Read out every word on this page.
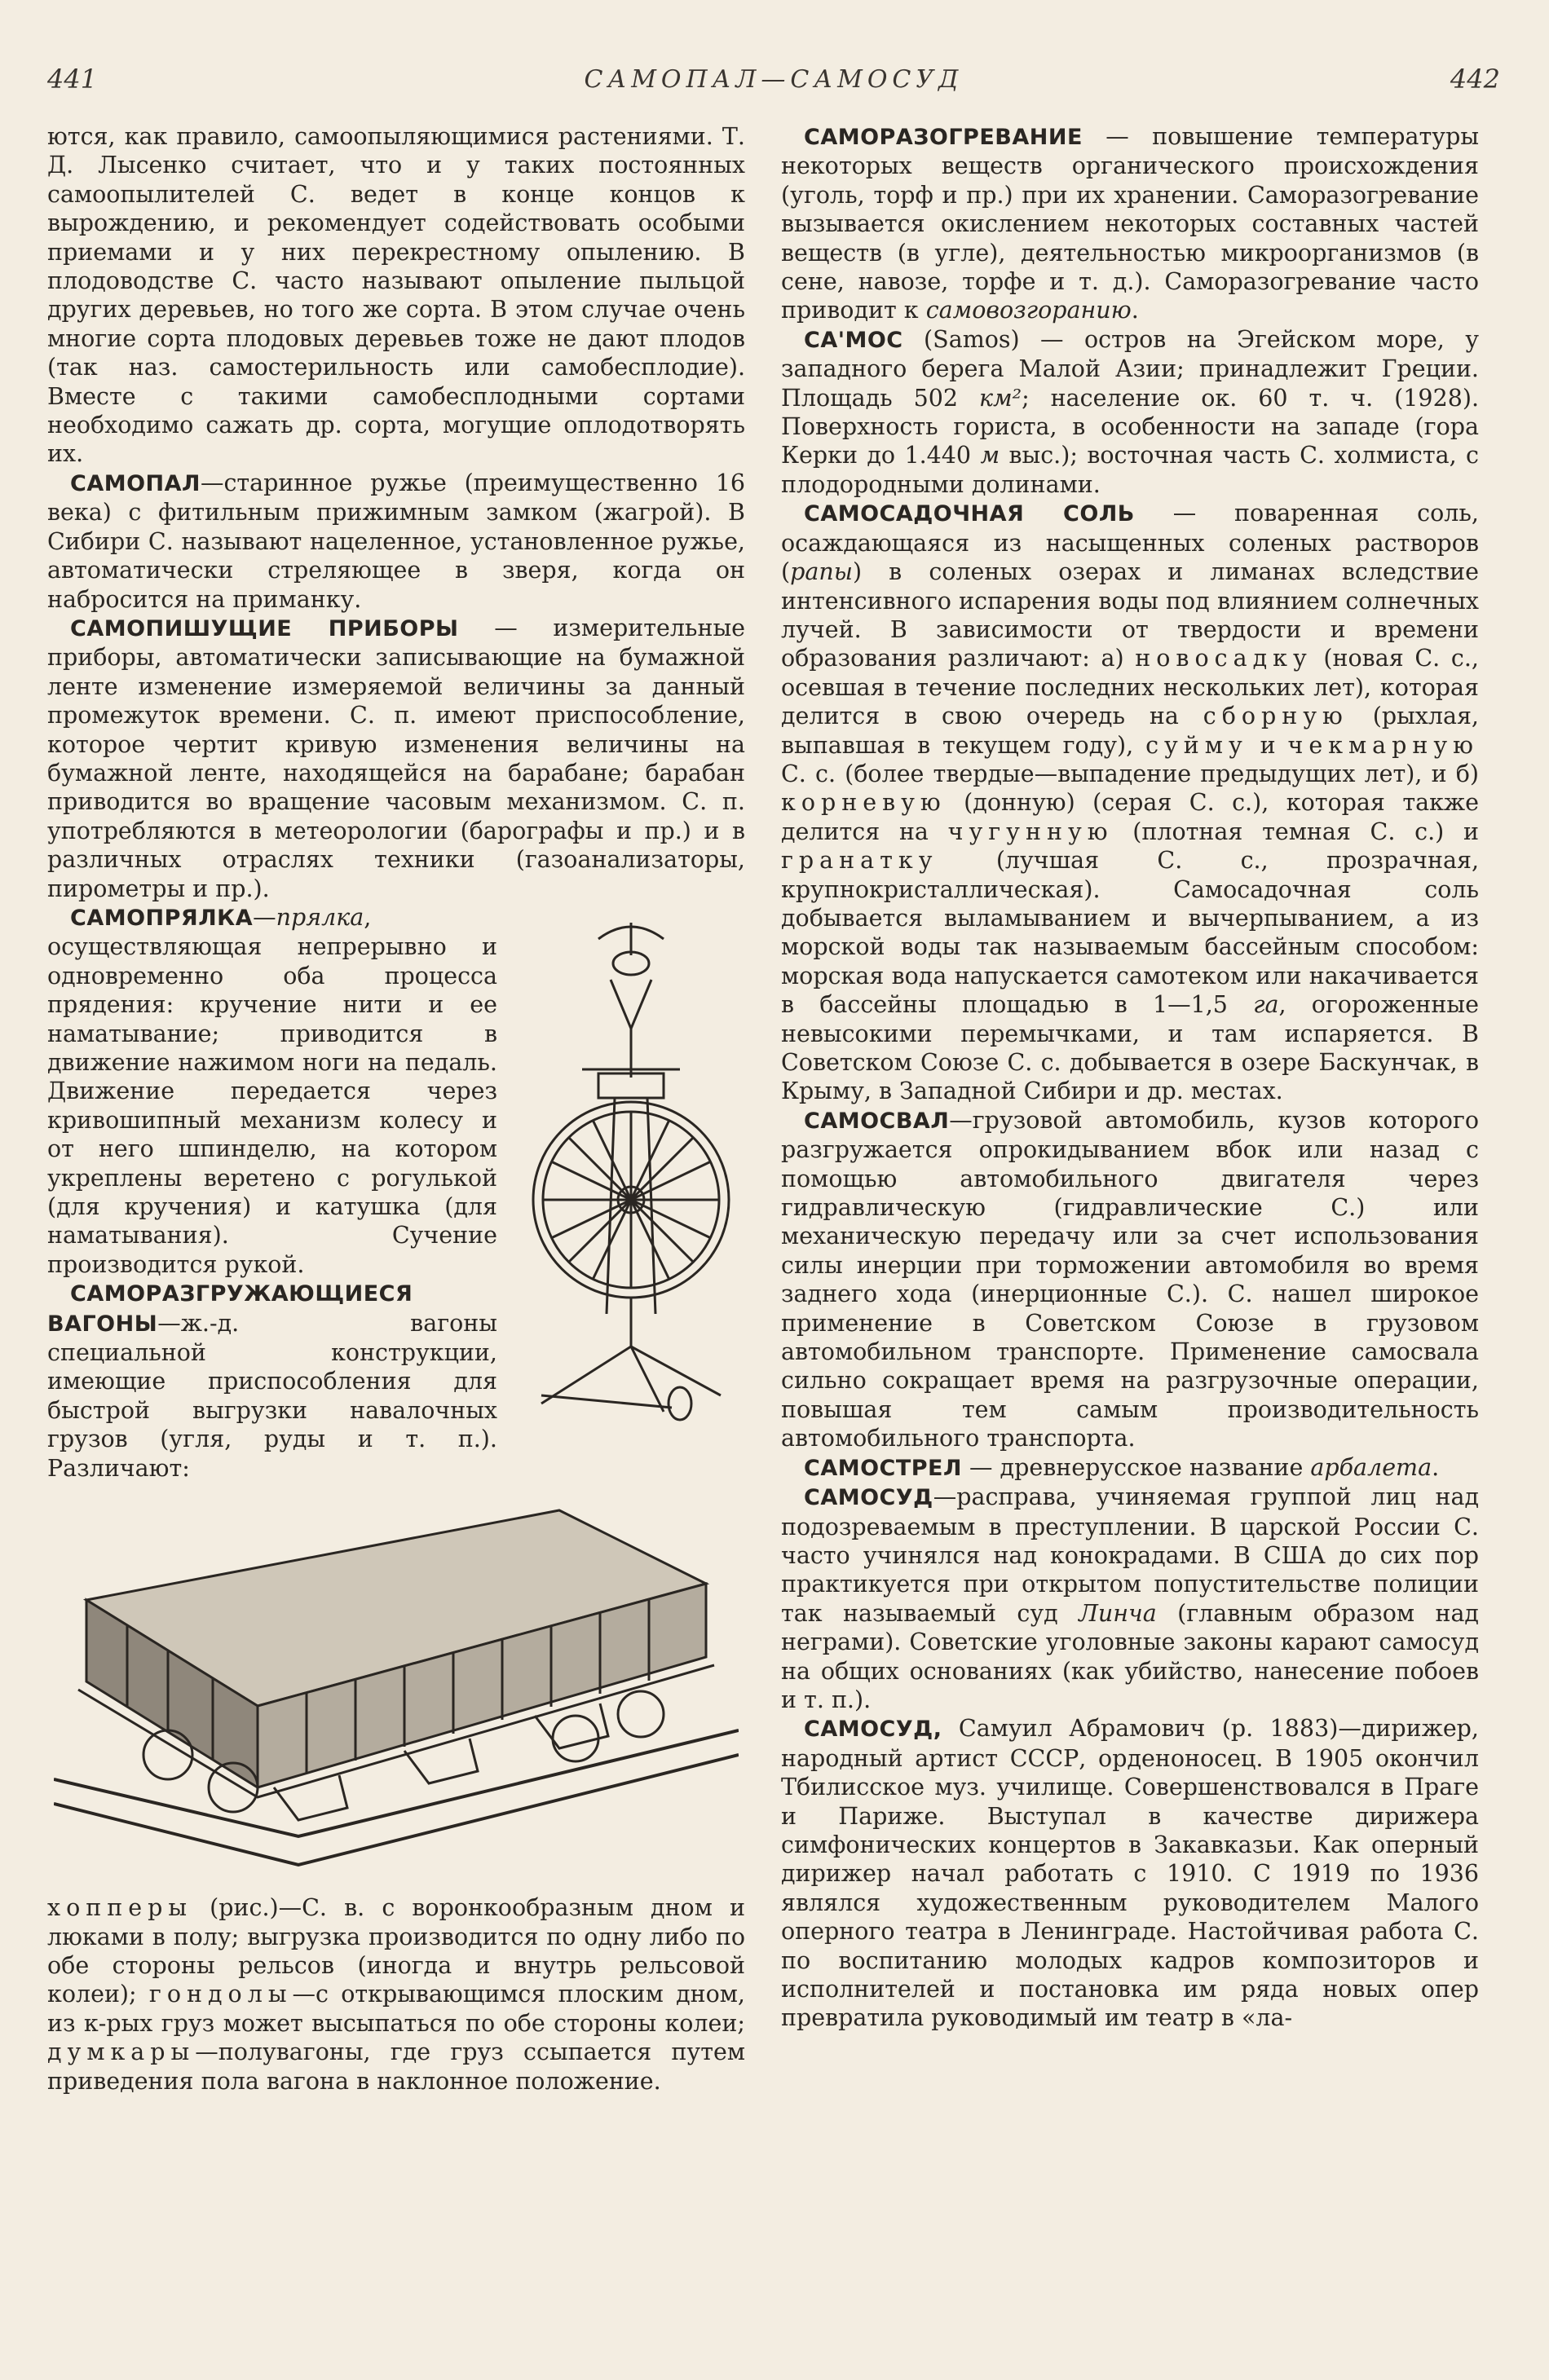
441	САМОПАЛ—САМОСУД	442

ются, как правило, самоопыляющимися растениями. Т. Д. Лысенко считает, что и у таких постоянных самоопылителей С. ведет в конце концов к вырождению, и рекомендует содействовать особыми приемами и у них перекрестному опылению. В плодоводстве С. часто называют опыление пыльцой других деревьев, но того же сорта. В этом случае очень многие сорта плодовых деревьев тоже не дают плодов (так наз. самостерильность или самобесплодие). Вместе с такими самобесплодными сортами необходимо сажать др. сорта, могущие оплодотворять их.

САМОПАЛ—старинное ружье (преимущественно 16 века) с фитильным прижимным замком (жагрой). В Сибири С. называют нацеленное, установленное ружье, автоматически стреляющее в зверя, когда он набросится на приманку.

САМОПИШУЩИЕ ПРИБОРЫ — измерительные приборы, автоматически записывающие на бумажной ленте изменение измеряемой величины за данный промежуток времени. С. п. имеют приспособление, которое чертит кривую изменения величины на бумажной ленте, находящейся на барабане; барабан приводится во вращение часовым механизмом. С. п. употребляются в метеорологии (барографы и пр.) и в различных отраслях техники (газоанализаторы, пирометры и пр.).

САМОПРЯЛКА—прялка, осуществляющая непрерывно и одновременно оба процесса прядения: кручение нити и ее наматывание; приводится в движение нажимом ноги на педаль. Движение передается через кривошипный механизм колесу и от него шпинделю, на котором укреплены веретено с рогулькой (для кручения) и катушка (для наматывания). Сучение производится рукой.

САМОРАЗГРУЖАЮЩИЕСЯ ВАГОНЫ—ж.-д. вагоны специальной конструкции, имеющие приспособления для быстрой выгрузки навалочных грузов (угля, руды и т. п.). Различают:

хопперы (рис.)—С. в. с воронкообразным дном и люками в полу; выгрузка производится по одну либо по обе стороны рельсов (иногда и внутрь рельсовой колеи); гондолы—с открывающимся плоским дном, из к-рых груз может высыпаться по обе стороны колеи; думкары—полувагоны, где груз ссыпается путем приведения пола вагона в наклонное положение.

САМОРАЗОГРЕВАНИЕ — повышение температуры некоторых веществ органического происхождения (уголь, торф и пр.) при их хранении. Саморазогревание вызывается окислением некоторых составных частей веществ (в угле), деятельностью микроорганизмов (в сене, навозе, торфе и т. д.). Саморазогревание часто приводит к самовозгоранию.

СА'МОС (Samos) — остров на Эгейском море, у западного берега Малой Азии; принадлежит Греции. Площадь 502 км²; население ок. 60 т. ч. (1928). Поверхность гориста, в особенности на западе (гора Керки до 1.440 м выс.); восточная часть С. холмиста, с плодородными долинами.

САМОСАДОЧНАЯ СОЛЬ — поваренная соль, осаждающаяся из насыщенных соленых растворов (рапы) в соленых озерах и лиманах вследствие интенсивного испарения воды под влиянием солнечных лучей. В зависимости от твердости и времени образования различают: а) новосадку (новая С. с., осевшая в течение последних нескольких лет), которая делится в свою очередь на сборную (рыхлая, выпавшая в текущем году), суйму и чекмарную С. с. (более твердые—выпадение предыдущих лет), и б) корневую (донную) (серая С. с.), которая также делится на чугунную (плотная темная С. с.) и гранатку (лучшая С. с., прозрачная, крупнокристаллическая). Самосадочная соль добывается выламыванием и вычерпыванием, а из морской воды так называемым бассейным способом: морская вода напускается самотеком или накачивается в бассейны площадью в 1—1,5 га, огороженные невысокими перемычками, и там испаряется. В Советском Союзе С. с. добывается в озере Баскунчак, в Крыму, в Западной Сибири и др. местах.

САМОСВАЛ—грузовой автомобиль, кузов которого разгружается опрокидыванием вбок или назад с помощью автомобильного двигателя через гидравлическую (гидравлические С.) или механическую передачу или за счет использования силы инерции при торможении автомобиля во время заднего хода (инерционные С.). С. нашел широкое применение в Советском Союзе в грузовом автомобильном транспорте. Применение самосвала сильно сокращает время на разгрузочные операции, повышая тем самым производительность автомобильного транспорта.

САМОСТРЕЛ — древнерусское название арбалета.

САМОСУД—расправа, учиняемая группой лиц над подозреваемым в преступлении. В царской России С. часто учинялся над конокрадами. В США до сих пор практикуется при открытом попустительстве полиции так называемый суд Линча (главным образом над неграми). Советские уголовные законы карают самосуд на общих основаниях (как убийство, нанесение побоев и т. п.).

САМОСУД, Самуил Абрамович (р. 1883)—дирижер, народный артист СССР, орденоносец. В 1905 окончил Тбилисское муз. училище. Совершенствовался в Праге и Париже. Выступал в качестве дирижера симфонических концертов в Закавказьи. Как оперный дирижер начал работать с 1910. С 1919 по 1936 являлся художественным руководителем Малого оперного театра в Ленинграде. Настойчивая работа С. по воспитанию молодых кадров композиторов и исполнителей и постановка им ряда новых опер превратила руководимый им театр в «ла-
